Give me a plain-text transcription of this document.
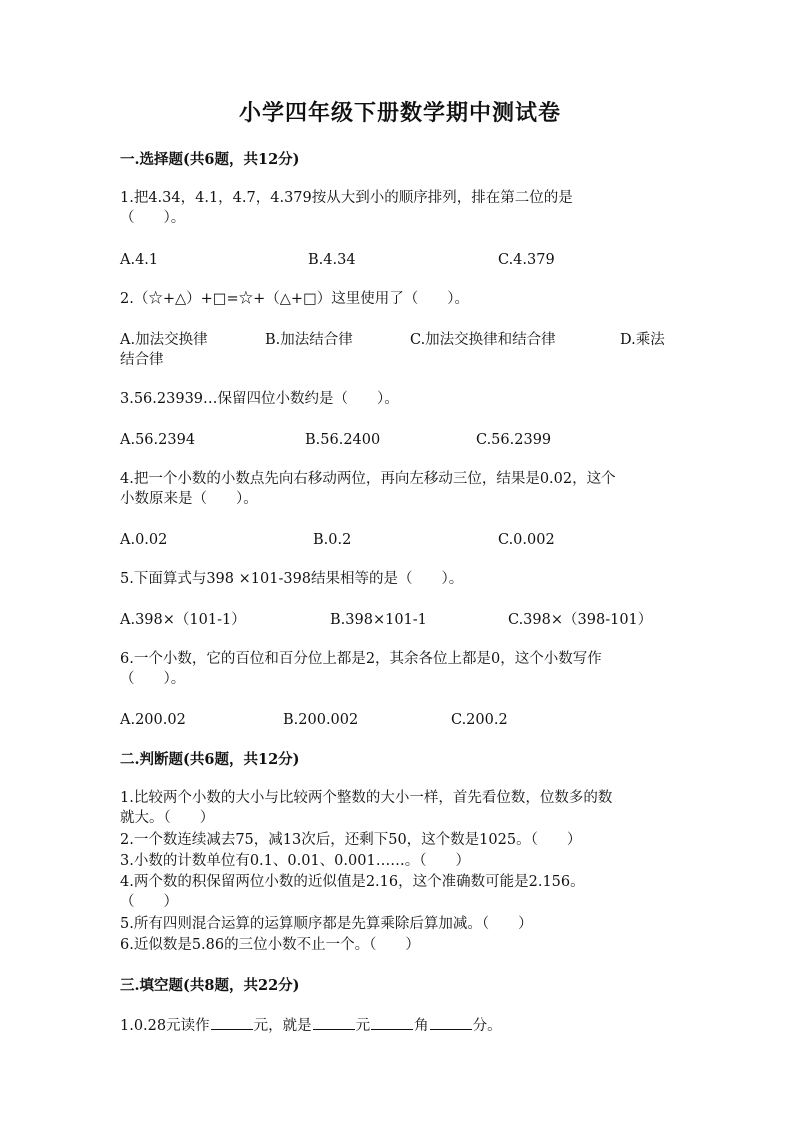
小学四年级下册数学期中测试卷
一.选择题(共6题，共12分)
1.把4.34，4.1，4.7，4.379按从大到小的顺序排列，排在第二位的是
（　　）。
A.4.1	B.4.34	C.4.379
2.（☆+△）+□=☆+（△+□）这里使用了（　　）。
A.加法交换律	B.加法结合律	C.加法交换律和结合律	D.乘法
结合律
3.56.23939…保留四位小数约是（　　）。
A.56.2394	B.56.2400	C.56.2399
4.把一个小数的小数点先向右移动两位，再向左移动三位，结果是0.02，这个
小数原来是（　　）。
A.0.02	B.0.2	C.0.002
5.下面算式与398 ×101-398结果相等的是（　　）。
A.398×（101-1）	B.398×101-1	C.398×（398-101）
6.一个小数，它的百位和百分位上都是2，其余各位上都是0，这个小数写作
（　　）。
A.200.02	B.200.002	C.200.2
二.判断题(共6题，共12分)
1.比较两个小数的大小与比较两个整数的大小一样，首先看位数，位数多的数
就大。（　　）
2.一个数连续减去75，减13次后，还剩下50，这个数是1025。（　　）
3.小数的计数单位有0.1、0.01、0.001……。（　　）
4.两个数的积保留两位小数的近似值是2.16，这个准确数可能是2.156。
（　　）
5.所有四则混合运算的运算顺序都是先算乘除后算加减。（　　）
6.近似数是5.86的三位小数不止一个。（　　）
三.填空题(共8题，共22分)
1.0.28元读作	元，就是	元	角	分。
